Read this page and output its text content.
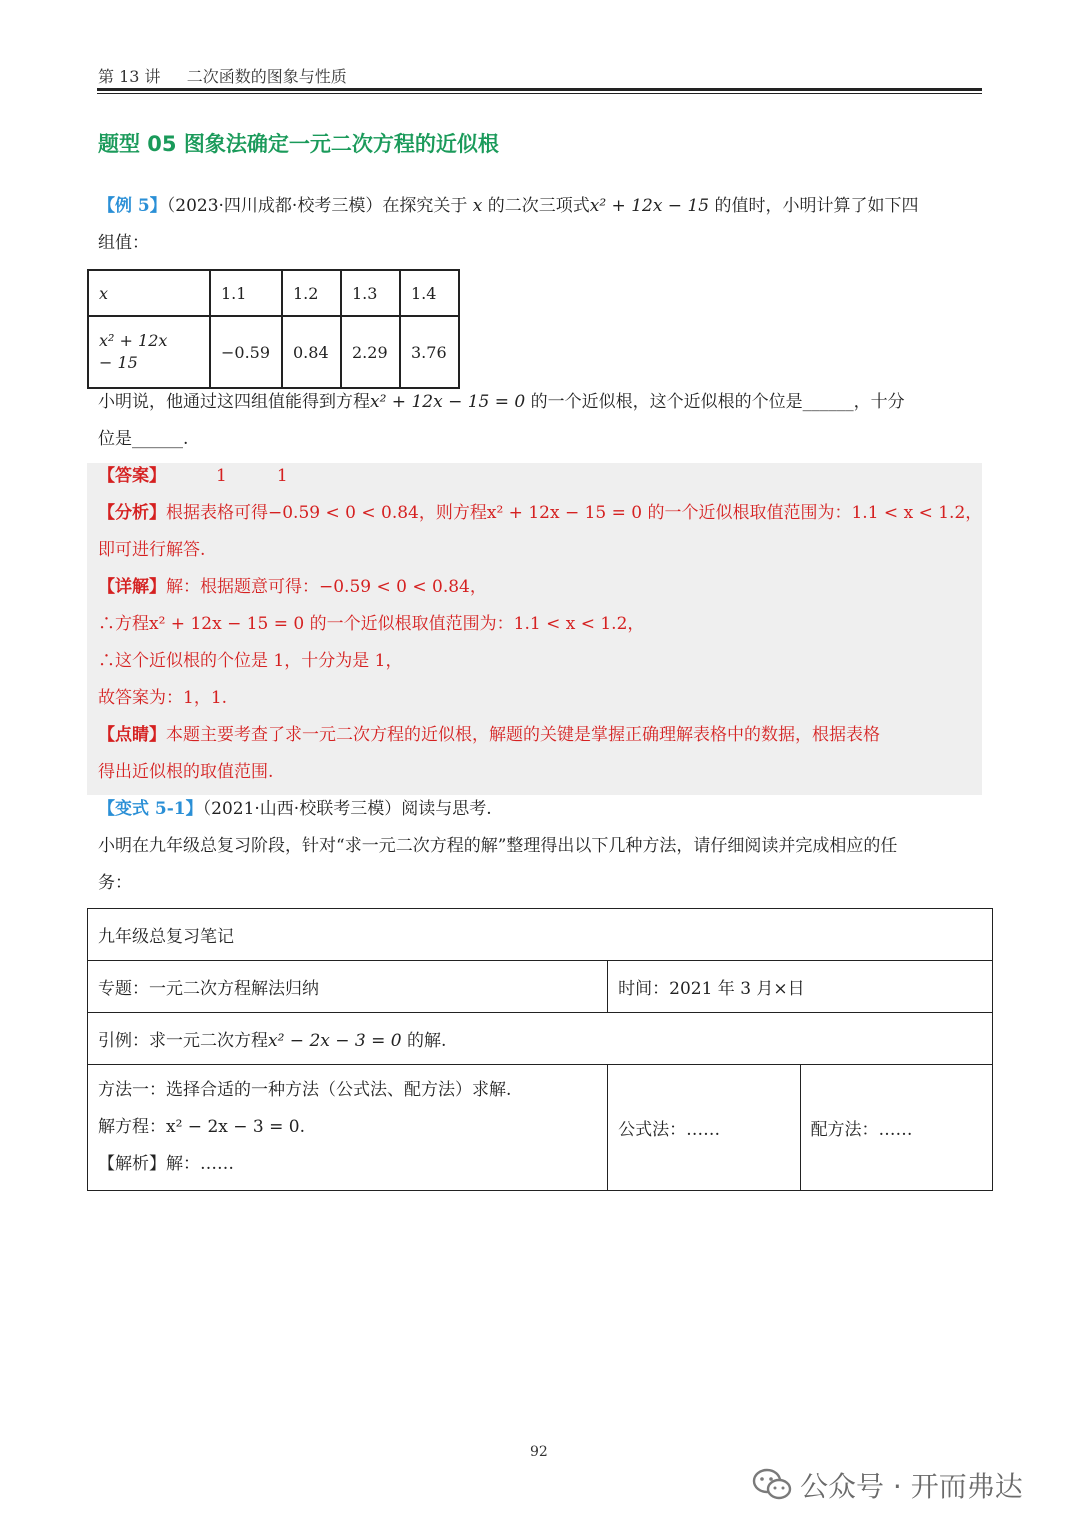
第 13 讲 二次函数的图象与性质
题型 05 图象法确定一元二次方程的近似根
【例 5】（2023·四川成都·校考三模）在探究关于 x 的二次三项式x² + 12x − 15 的值时，小明计算了如下四
组值：
x	1.1	1.2	1.3	1.4

x² + 12x
− 15	−0.59	0.84	2.29	3.76
小明说，他通过这四组值能得到方程x² + 12x − 15 = 0 的一个近似根，这个近似根的个位是______，十分
位是______.
【答案】	1	1
【分析】根据表格可得−0.59 < 0 < 0.84，则方程x² + 12x − 15 = 0 的一个近似根取值范围为：1.1 < x < 1.2，
即可进行解答.
【详解】解：根据题意可得：−0.59 < 0 < 0.84，
∴方程x² + 12x − 15 = 0 的一个近似根取值范围为：1.1 < x < 1.2，
∴这个近似根的个位是 1，十分为是 1，
故答案为：1，1.
【点睛】本题主要考查了求一元二次方程的近似根，解题的关键是掌握正确理解表格中的数据，根据表格
得出近似根的取值范围.
【变式 5-1】（2021·山西·校联考三模）阅读与思考.
小明在九年级总复习阶段，针对“求一元二次方程的解”整理得出以下几种方法，请仔细阅读并完成相应的任
务：
九年级总复习笔记		
专题：一元二次方程解法归纳	时间：2021 年 3 月×日	
引例：求一元二次方程x² − 2x − 3 = 0 的解.		

方法一：选择合适的一种方法（公式法、配方法）求解.
解方程：x² − 2x − 3 = 0.
【解析】解：……	公式法：……	配方法：……
92
公众号 · 开而弗达
